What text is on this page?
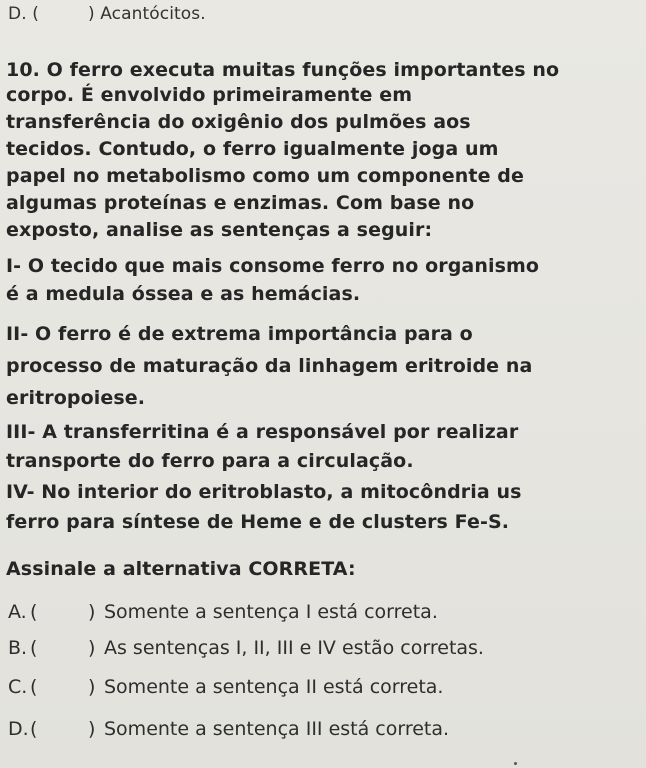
D. (	) Acantócitos.
10. O ferro executa muitas funções importantes no
corpo. É envolvido primeiramente em
transferência do oxigênio dos pulmões aos
tecidos. Contudo, o ferro igualmente joga um
papel no metabolismo como um componente de
algumas proteínas e enzimas. Com base no
exposto, analise as sentenças a seguir:
I- O tecido que mais consome ferro no organismo
é a medula óssea e as hemácias.
II- O ferro é de extrema importância para o
processo de maturação da linhagem eritroide na
eritropoiese.
III- A transferritina é a responsável por realizar
transporte do ferro para a circulação.
IV- No interior do eritroblasto, a mitocôndria us
ferro para síntese de Heme e de clusters Fe-S.
Assinale a alternativa CORRETA:
A. (	) Somente a sentença I está correta.
B. (	) As sentenças I, II, III e IV estão corretas.
C. (	) Somente a sentença II está correta.
D.(	) Somente a sentença III está correta.
